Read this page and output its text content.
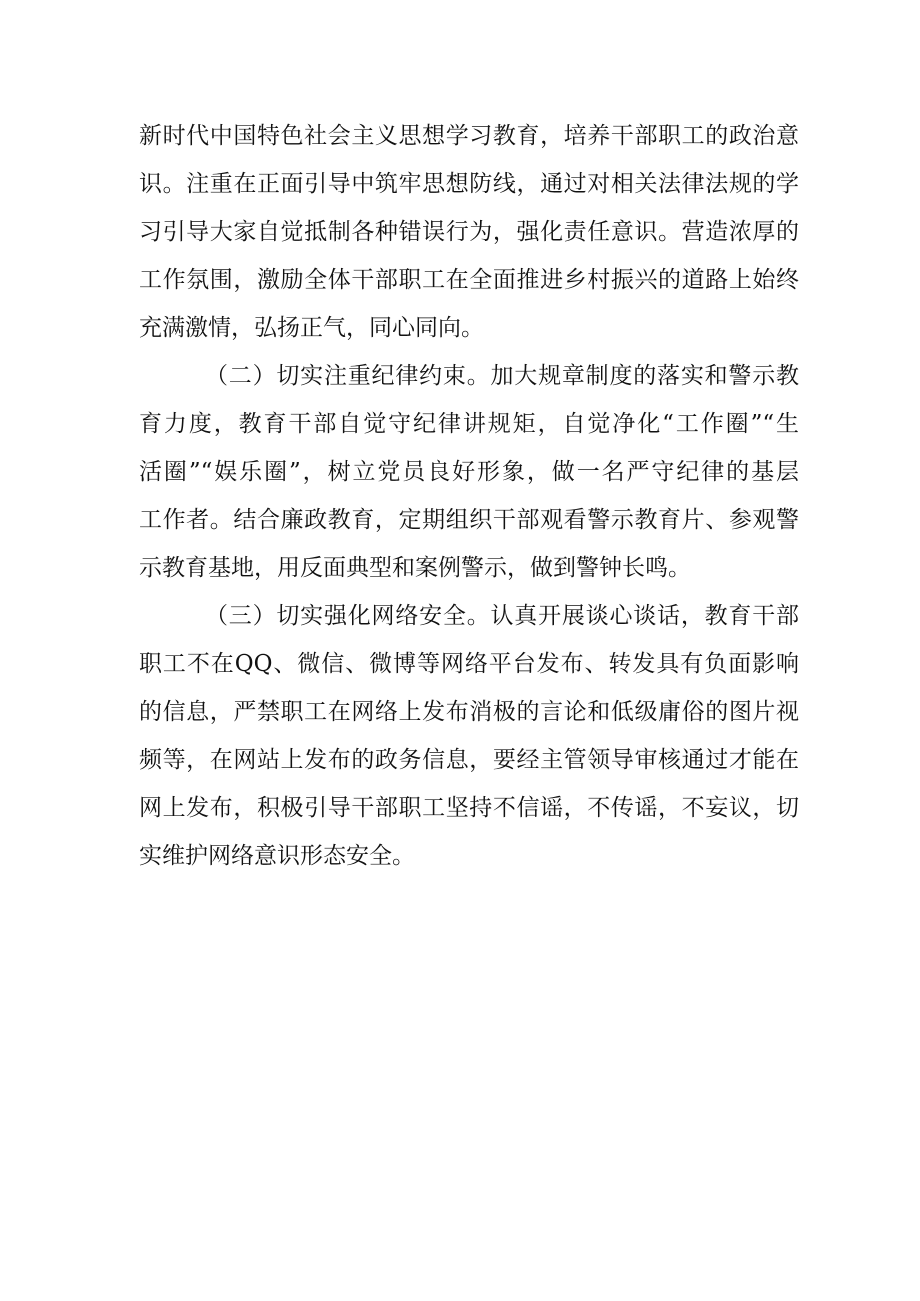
新时代中国特色社会主义思想学习教育，培养干部职工的政治意
识。注重在正面引导中筑牢思想防线，通过对相关法律法规的学
习引导大家自觉抵制各种错误行为，强化责任意识。营造浓厚的
工作氛围，激励全体干部职工在全面推进乡村振兴的道路上始终
充满激情，弘扬正气，同心同向。
（二）切实注重纪律约束。加大规章制度的落实和警示教
育力度，教育干部自觉守纪律讲规矩，自觉净化“工作圈”“生
活圈”“娱乐圈”，树立党员良好形象，做一名严守纪律的基层
工作者。结合廉政教育，定期组织干部观看警示教育片、参观警
示教育基地，用反面典型和案例警示，做到警钟长鸣。
（三）切实强化网络安全。认真开展谈心谈话，教育干部
职工不在QQ、微信、微博等网络平台发布、转发具有负面影响
的信息，严禁职工在网络上发布消极的言论和低级庸俗的图片视
频等，在网站上发布的政务信息，要经主管领导审核通过才能在
网上发布，积极引导干部职工坚持不信谣，不传谣，不妄议，切
实维护网络意识形态安全。
